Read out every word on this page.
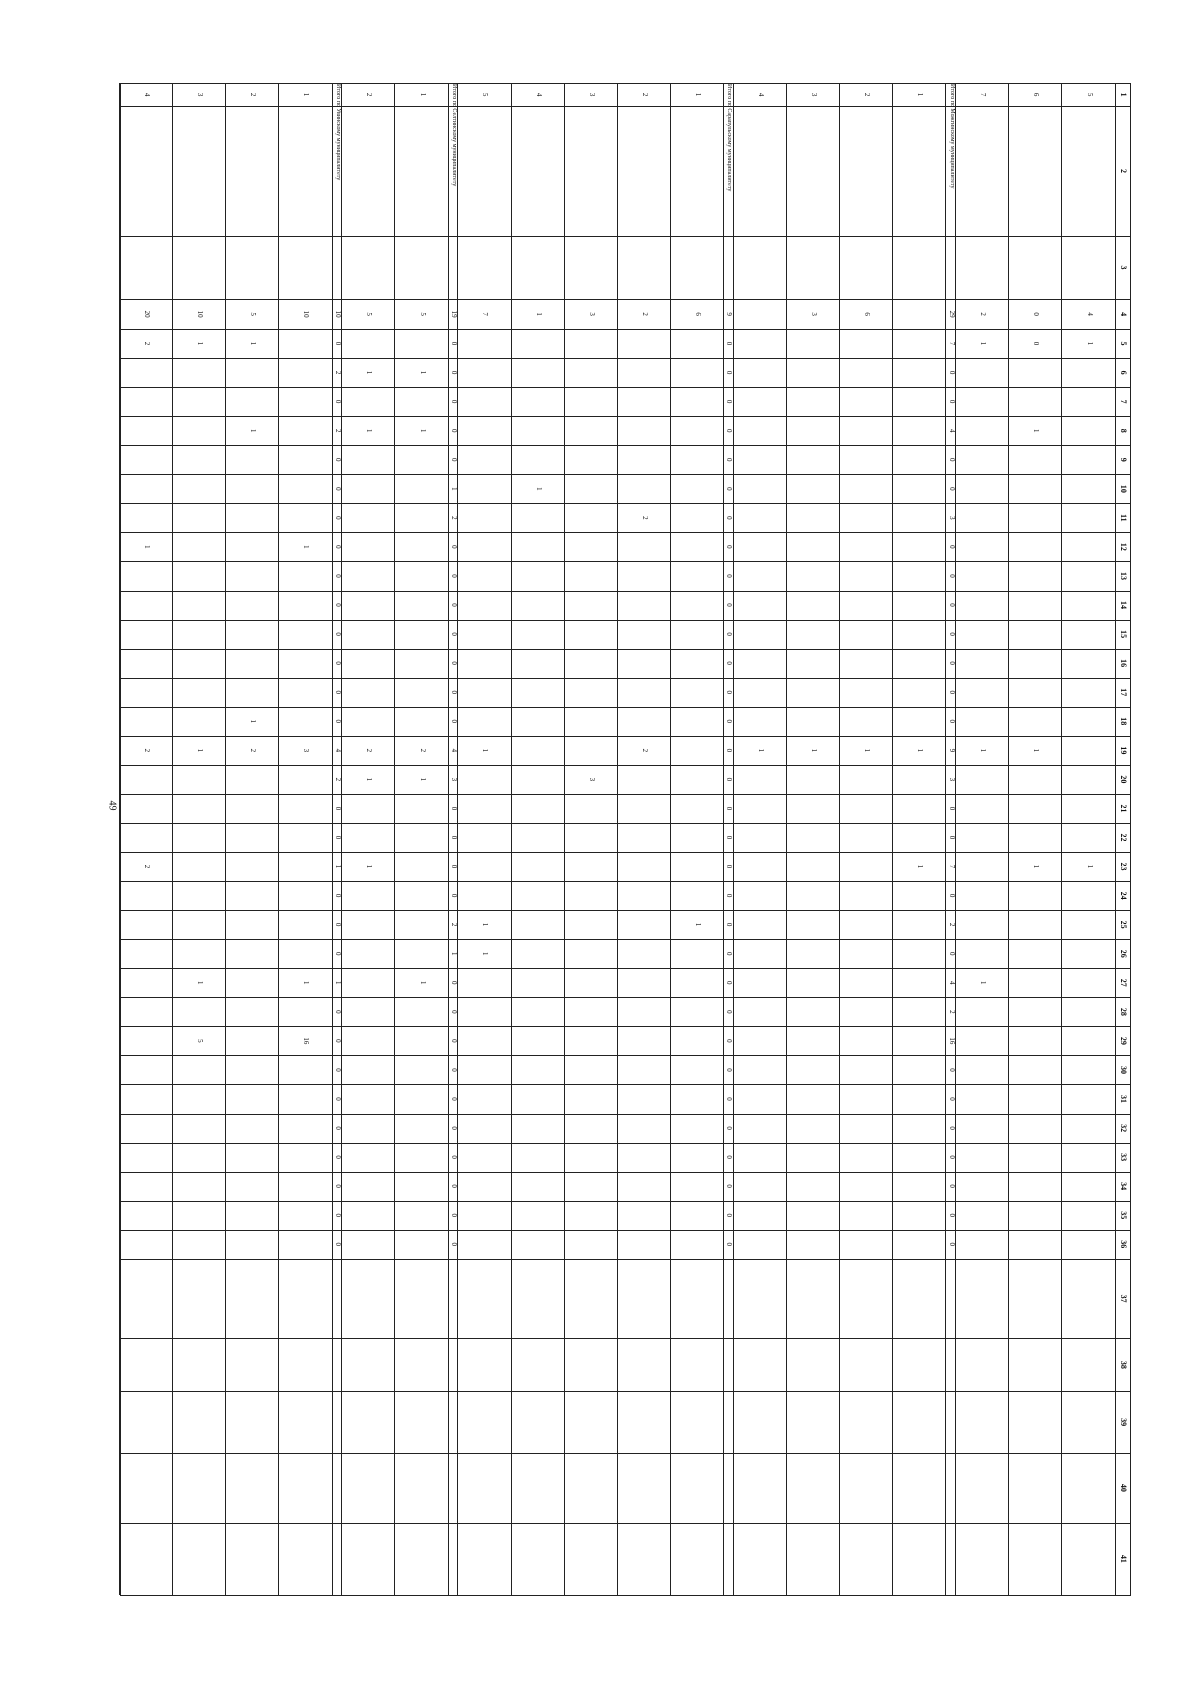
49
1
2
3
4
5
6
7
8
9
10
11
12
13
14
15
16
17
18
19
20
21
22
23
24
25
26
27
28
29
30
31
32
33
34
35
36
37
38
39
40
41
5
4
1
1
6
0
0
1
1
1
7
2
1
1
1
Итого по Можгинскому муниципалитету
29
7
0
0
4
0
0
3
0
0
0
0
0
0
0
9
3
0
0
7
0
2
0
4
2
16
0
0
0
0
0
0
0
1
1
1
2
6
1
3
3
1
4
1
Итого по Сарапульскому муниципалитету
9
0
0
0
0
0
0
0
0
0
0
0
0
0
0
0
0
0
0
0
0
0
0
0
0
0
0
0
0
0
0
0
0
1
6
1
2
2
2
2
3
3
3
4
1
1
5
7
1
1
1
Итого по Селтинскому муниципалитету
19
0
0
0
0
0
1
2
0
0
0
0
0
0
0
4
3
0
0
0
0
2
1
0
0
0
0
0
0
0
0
0
0
1
5
1
1
2
1
1
2
5
1
1
2
1
1
Итого по Увинскому муниципалитету
10
0
2
0
2
0
0
0
0
0
0
0
0
0
0
4
2
0
0
1
0
0
0
1
0
0
0
0
0
0
0
0
0
1
10
1
3
1
16
2
5
1
1
1
2
3
10
1
1
1
5
4
20
2
1
2
2
